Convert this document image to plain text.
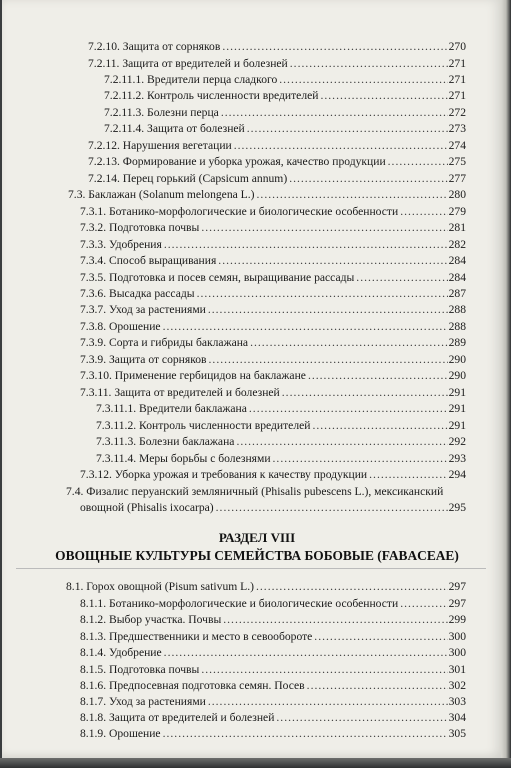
7.2.10. Защита от сорняков .....	270
7.2.11. Защита от вредителей и болезней .....	271
7.2.11.1. Вредители перца сладкого .....	271
7.2.11.2. Контроль численности вредителей .....	271
7.2.11.3. Болезни перца .....	272
7.2.11.4. Защита от болезней .....	273
7.2.12. Нарушения вегетации .....	274
7.2.13. Формирование и уборка урожая, качество продукции .....	275
7.2.14. Перец горький (Capsicum annum) .....	277
7.3. Баклажан (Solanum melongena L.) .....	280
7.3.1. Ботанико-морфологические и биологические особенности .....	279
7.3.2. Подготовка почвы .....	281
7.3.3. Удобрения .....	282
7.3.4. Способ выращивания .....	284
7.3.5. Подготовка и посев семян, выращивание рассады .....	284
7.3.6. Высадка рассады .....	287
7.3.7. Уход за растениями .....	288
7.3.8. Орошение .....	288
7.3.9. Сорта и гибриды баклажана .....	289
7.3.9. Защита от сорняков .....	290
7.3.10. Применение гербицидов на баклажане .....	290
7.3.11. Защита от вредителей и болезней .....	291
7.3.11.1. Вредители баклажана .....	291
7.3.11.2. Контроль численности вредителей .....	291
7.3.11.3. Болезни баклажана .....	292
7.3.11.4. Меры борьбы с болезнями .....	293
7.3.12. Уборка урожая и требования к качеству продукции .....	294
7.4. Физалис перуанский земляничный (Phisalis pubescens L.), мексиканский
овощной (Phisalis ixocarpa) .....	295
РАЗДЕЛ VIII
ОВОЩНЫЕ КУЛЬТУРЫ СЕМЕЙСТВА БОБОВЫЕ (FABACEAE)
8.1. Горох овощной (Pisum sativum L.) .....	297
8.1.1. Ботанико-морфологические и биологические особенности .....	297
8.1.2. Выбор участка. Почвы .....	299
8.1.3. Предшественники и место в севообороте .....	300
8.1.4. Удобрение .....	300
8.1.5. Подготовка почвы .....	301
8.1.6. Предпосевная подготовка семян. Посев .....	302
8.1.7. Уход за растениями .....	303
8.1.8. Защита от вредителей и болезней .....	304
8.1.9. Орошение .....	305
